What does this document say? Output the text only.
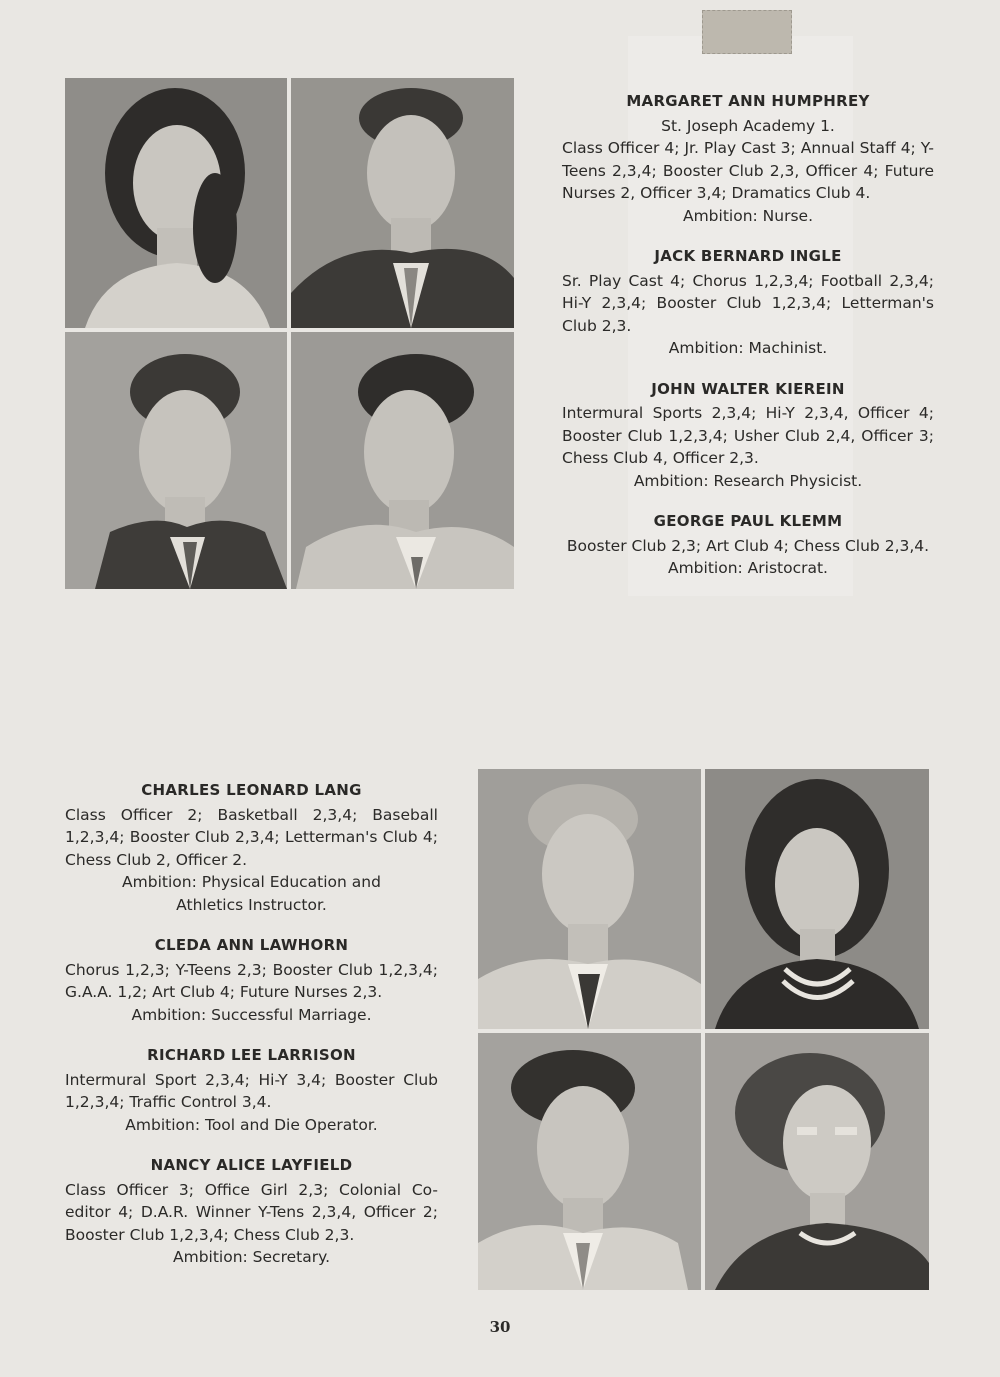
MARGARET ANN HUMPHREY
St. Joseph Academy 1.
Class Officer 4; Jr. Play Cast 3; Annual Staff 4; Y-Teens 2,3,4; Booster Club 2,3, Officer 4; Future Nurses 2, Officer 3,4; Dramatics Club 4.
Ambition: Nurse.
JACK BERNARD INGLE
Sr. Play Cast 4; Chorus 1,2,3,4; Football 2,3,4; Hi-Y 2,3,4; Booster Club 1,2,3,4; Letterman's Club 2,3.
Ambition: Machinist.
JOHN WALTER KIEREIN
Intermural Sports 2,3,4; Hi-Y 2,3,4, Officer 4; Booster Club 1,2,3,4; Usher Club 2,4, Officer 3; Chess Club 4, Officer 2,3.
Ambition: Research Physicist.
GEORGE PAUL KLEMM
Booster Club 2,3; Art Club 4; Chess Club 2,3,4.
Ambition: Aristocrat.
CHARLES LEONARD LANG
Class Officer 2; Basketball 2,3,4; Baseball 1,2,3,4; Booster Club 2,3,4; Letterman's Club 4; Chess Club 2, Officer 2.
Ambition: Physical Education and Athletics Instructor.
CLEDA ANN LAWHORN
Chorus 1,2,3; Y-Teens 2,3; Booster Club 1,2,3,4; G.A.A. 1,2; Art Club 4; Future Nurses 2,3.
Ambition: Successful Marriage.
RICHARD LEE LARRISON
Intermural Sport 2,3,4; Hi-Y 3,4; Booster Club 1,2,3,4; Traffic Control 3,4.
Ambition: Tool and Die Operator.
NANCY ALICE LAYFIELD
Class Officer 3; Office Girl 2,3; Colonial Co-editor 4; D.A.R. Winner Y-Tens 2,3,4, Officer 2; Booster Club 1,2,3,4; Chess Club 2,3.
Ambition: Secretary.
30
